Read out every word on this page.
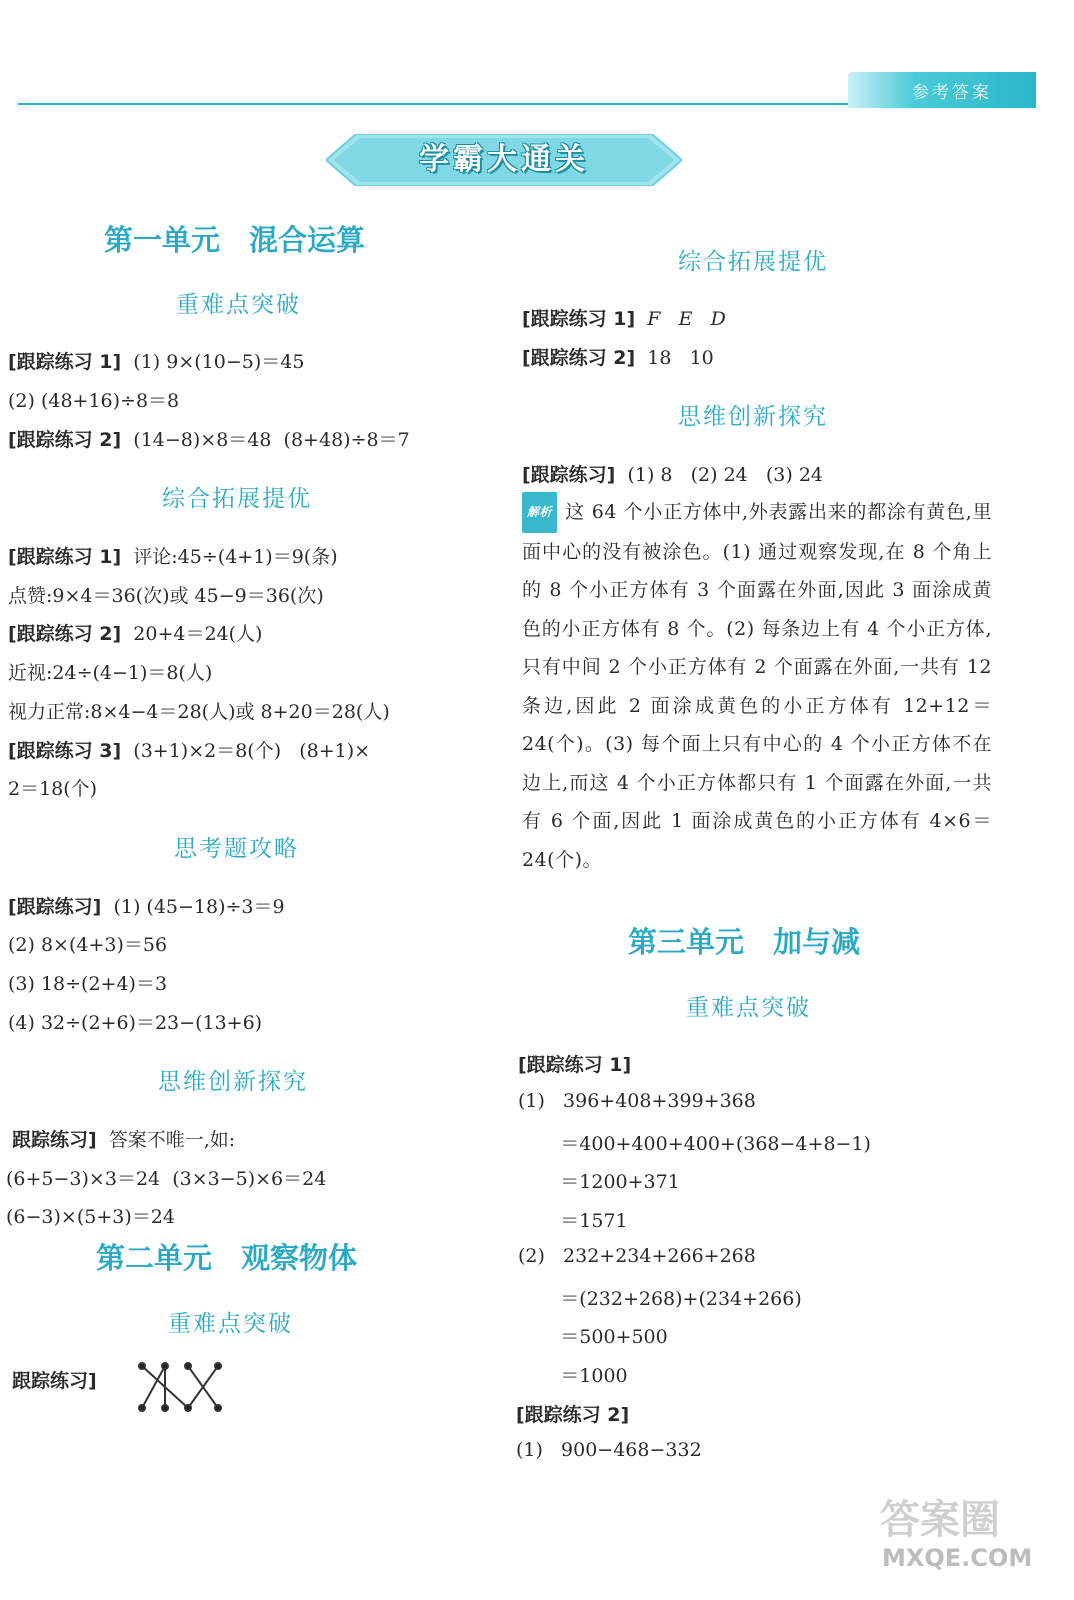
参考答案
学霸大通关
第一单元　混合运算
重难点突破
[跟踪练习 1]  (1) 9×(10−5)＝45
(2) (48+16)÷8＝8
[跟踪练习 2]  (14−8)×8＝48  (8+48)÷8＝7
综合拓展提优
[跟踪练习 1]  评论:45÷(4+1)＝9(条)
点赞:9×4＝36(次)或 45−9＝36(次)
[跟踪练习 2]  20+4＝24(人)
近视:24÷(4−1)＝8(人)
视力正常:8×4−4＝28(人)或 8+20＝28(人)
[跟踪练习 3]  (3+1)×2＝8(个)   (8+1)×
2＝18(个)
思考题攻略
[跟踪练习]  (1) (45−18)÷3＝9
(2) 8×(4+3)＝56
(3) 18÷(2+4)＝3
(4) 32÷(2+6)＝23−(13+6)
思维创新探究
跟踪练习]  答案不唯一,如:
(6+5−3)×3＝24  (3×3−5)×6＝24
(6−3)×(5+3)＝24
第二单元　观察物体
重难点突破
跟踪练习]
综合拓展提优
[跟踪练习 1]  F   E   D
[跟踪练习 2]  18   10
思维创新探究
[跟踪练习]  (1) 8   (2) 24   (3) 24
解析 这 64 个小正方体中,外表露出来的都涂有黄色,里面中心的没有被涂色。(1) 通过观察发现,在 8 个角上的 8 个小正方体有 3 个面露在外面,因此 3 面涂成黄色的小正方体有 8 个。(2) 每条边上有 4 个小正方体,只有中间 2 个小正方体有 2 个面露在外面,一共有 12 条边,因此 2 面涂成黄色的小正方体有 12+12＝24(个)。(3) 每个面上只有中心的 4 个小正方体不在边上,而这 4 个小正方体都只有 1 个面露在外面,一共有 6 个面,因此 1 面涂成黄色的小正方体有 4×6＝24(个)。
第三单元　加与减
重难点突破
[跟踪练习 1]
(1)   396+408+399+368
＝400+400+400+(368−4+8−1)
＝1200+371
＝1571
(2)   232+234+266+268
＝(232+268)+(234+266)
＝500+500
＝1000
[跟踪练习 2]
(1)   900−468−332
答案圈
MXQE.COM
